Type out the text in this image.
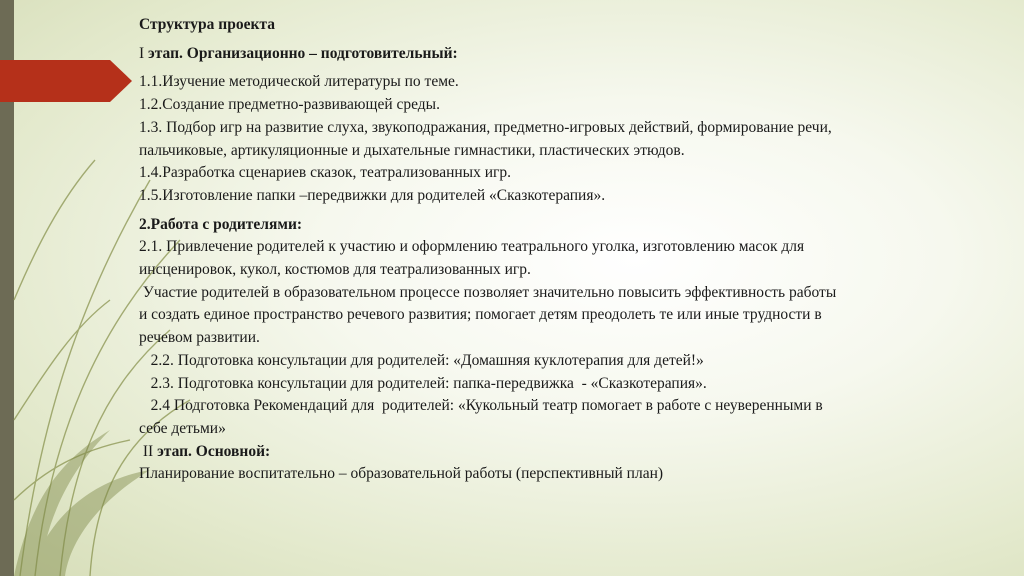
Структура проекта

I этап. Организационно – подготовительный:

1.1.Изучение методической литературы по теме.

1.2.Создание предметно-развивающей среды.

1.3. Подбор игр на развитие слуха, звукоподражания, предметно-игровых действий, формирование речи,

пальчиковые, артикуляционные и дыхательные гимнастики, пластических этюдов.

1.4.Разработка сценариев сказок, театрализованных игр.

1.5.Изготовление папки –передвижки для родителей «Сказкотерапия».

2.Работа с родителями:

2.1. Привлечение родителей к участию и оформлению театрального уголка, изготовлению масок для

инсценировок, кукол, костюмов для театрализованных игр.

Участие родителей в образовательном процессе позволяет значительно повысить эффективность работы

и создать единое пространство речевого развития; помогает детям преодолеть те или иные трудности в

речевом развитии.

2.2. Подготовка консультации для родителей: «Домашняя куклотерапия для детей!»

2.3. Подготовка консультации для родителей: папка-передвижка  - «Сказкотерапия».

2.4 Подготовка Рекомендаций для  родителей: «Кукольный театр помогает в работе с неуверенными в

себе детьми»

II этап. Основной:

Планирование воспитательно – образовательной работы (перспективный план)
